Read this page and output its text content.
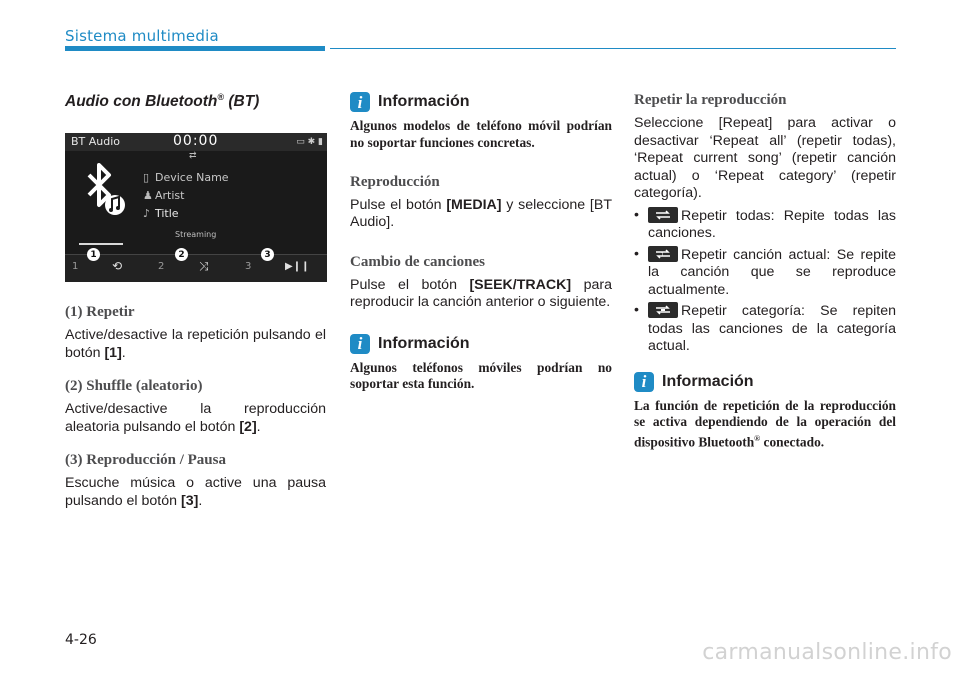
Sistema multimedia
Audio con Bluetooth® (BT)
BT Audio	00:00	▭ ✱ ▮
⇄
▯ Device Name
♟ Artist
♪ Title
Streaming
1	2	3
⟲	⤨	▶❙❙
1	2	3
(1) Repetir
Active/desactive la repetición pulsando el botón [1].
(2) Shuffle (aleatorio)
Active/desactive la reproducción aleatoria pulsando el botón [2].
(3) Reproducción / Pausa
Escuche música o active una pausa pulsando el botón [3].
i Información
Algunos modelos de teléfono móvil podrían no soportar funciones concretas.
Reproducción
Pulse el botón [MEDIA] y seleccione [BT Audio].
Cambio de canciones
Pulse el botón [SEEK/TRACK] para reproducir la canción anterior o siguiente.
i Información
Algunos teléfonos móviles podrían no soportar esta función.
Repetir la reproducción
Seleccione [Repeat] para activar o desactivar ‘Repeat all’ (repetir todas), ‘Repeat current song’ (repetir canción actual) o ‘Repeat category’ (repetir categoría).
•	Repetir todas: Repite todas las canciones.
•	1 Repetir canción actual: Se repite la canción que se reproduce actualmente.
•	Repetir categoría: Se repiten todas las canciones de la categoría actual.
i Información
La función de repetición de la reproducción se activa dependiendo de la operación del dispositivo Bluetooth® conectado.
4-26	carmanualsonline.info
